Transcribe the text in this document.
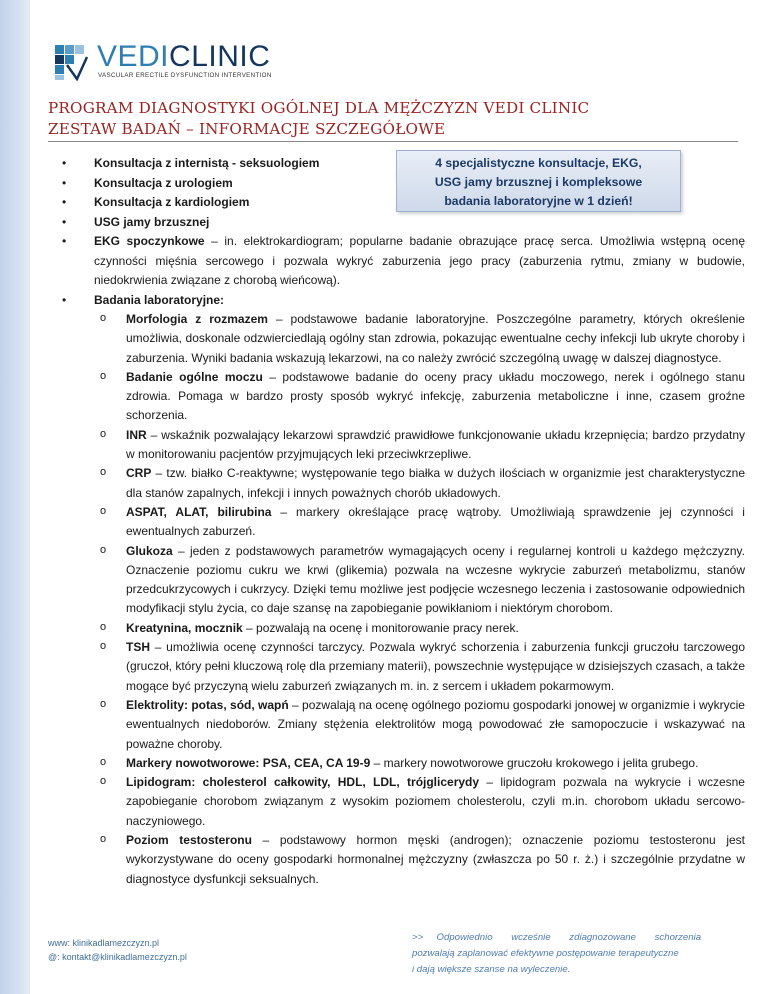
VEDICLINIC
VASCULAR ERECTILE DYSFUNCTION INTERVENTION
PROGRAM DIAGNOSTYKI OGÓLNEJ DLA MĘŻCZYZN VEDI CLINIC
ZESTAW BADAŃ – INFORMACJE SZCZEGÓŁOWE
4 specjalistyczne konsultacje, EKG,
USG jamy brzusznej i kompleksowe
badania laboratoryjne w 1 dzień!
• Konsultacja z internistą - seksuologiem
• Konsultacja z urologiem
• Konsultacja z kardiologiem
• USG jamy brzusznej
• EKG spoczynkowe – in. elektrokardiogram; popularne badanie obrazujące pracę serca. Umożliwia wstępną ocenę czynności mięśnia sercowego i pozwala wykryć zaburzenia jego pracy (zaburzenia rytmu, zmiany w budowie, niedokrwienia związane z chorobą wieńcową).
• Badania laboratoryjne:
o Morfologia z rozmazem – podstawowe badanie laboratoryjne. Poszczególne parametry, których określenie umożliwia, doskonale odzwierciedlają ogólny stan zdrowia, pokazując ewentualne cechy infekcji lub ukryte choroby i zaburzenia. Wyniki badania wskazują lekarzowi, na co należy zwrócić szczególną uwagę w dalszej diagnostyce.
o Badanie ogólne moczu – podstawowe badanie do oceny pracy układu moczowego, nerek i ogólnego stanu zdrowia. Pomaga w bardzo prosty sposób wykryć infekcję, zaburzenia metaboliczne i inne, czasem groźne schorzenia.
o INR – wskaźnik pozwalający lekarzowi sprawdzić prawidłowe funkcjonowanie układu krzepnięcia; bardzo przydatny w monitorowaniu pacjentów przyjmujących leki przeciwkrzepliwe.
o CRP – tzw. białko C-reaktywne; występowanie tego białka w dużych ilościach w organizmie jest charakterystyczne dla stanów zapalnych, infekcji i innych poważnych chorób układowych.
o ASPAT, ALAT, bilirubina – markery określające pracę wątroby. Umożliwiają sprawdzenie jej czynności i ewentualnych zaburzeń.
o Glukoza – jeden z podstawowych parametrów wymagających oceny i regularnej kontroli u każdego mężczyzny. Oznaczenie poziomu cukru we krwi (glikemia) pozwala na wczesne wykrycie zaburzeń metabolizmu, stanów przedcukrzycowych i cukrzycy. Dzięki temu możliwe jest podjęcie wczesnego leczenia i zastosowanie odpowiednich modyfikacji stylu życia, co daje szansę na zapobieganie powikłaniom i niektórym chorobom.
o Kreatynina, mocznik – pozwalają na ocenę i monitorowanie pracy nerek.
o TSH – umożliwia ocenę czynności tarczycy. Pozwala wykryć schorzenia i zaburzenia funkcji gruczołu tarczowego (gruczoł, który pełni kluczową rolę dla przemiany materii), powszechnie występujące w dzisiejszych czasach, a także mogące być przyczyną wielu zaburzeń związanych m. in. z sercem i układem pokarmowym.
o Elektrolity: potas, sód, wapń – pozwalają na ocenę ogólnego poziomu gospodarki jonowej w organizmie i wykrycie ewentualnych niedoborów. Zmiany stężenia elektrolitów mogą powodować złe samopoczucie i wskazywać na poważne choroby.
o Markery nowotworowe: PSA, CEA, CA 19-9 – markery nowotworowe gruczołu krokowego i jelita grubego.
o Lipidogram: cholesterol całkowity, HDL, LDL, trójglicerydy – lipidogram pozwala na wykrycie i wczesne zapobieganie chorobom związanym z wysokim poziomem cholesterolu, czyli m.in. chorobom układu sercowo-naczyniowego.
o Poziom testosteronu – podstawowy hormon męski (androgen); oznaczenie poziomu testosteronu jest wykorzystywane do oceny gospodarki hormonalnej mężczyzny (zwłaszcza po 50 r. ż.) i szczególnie przydatne w diagnostyce dysfunkcji seksualnych.
www: klinikadlamezczyzn.pl
@: kontakt@klinikadlamezczyzn.pl
>>     Odpowiednio       wcześnie       zdiagnozowane       schorzenia
pozwalają zaplanować efektywne postępowanie terapeutyczne
i dają większe szanse na wyleczenie.
